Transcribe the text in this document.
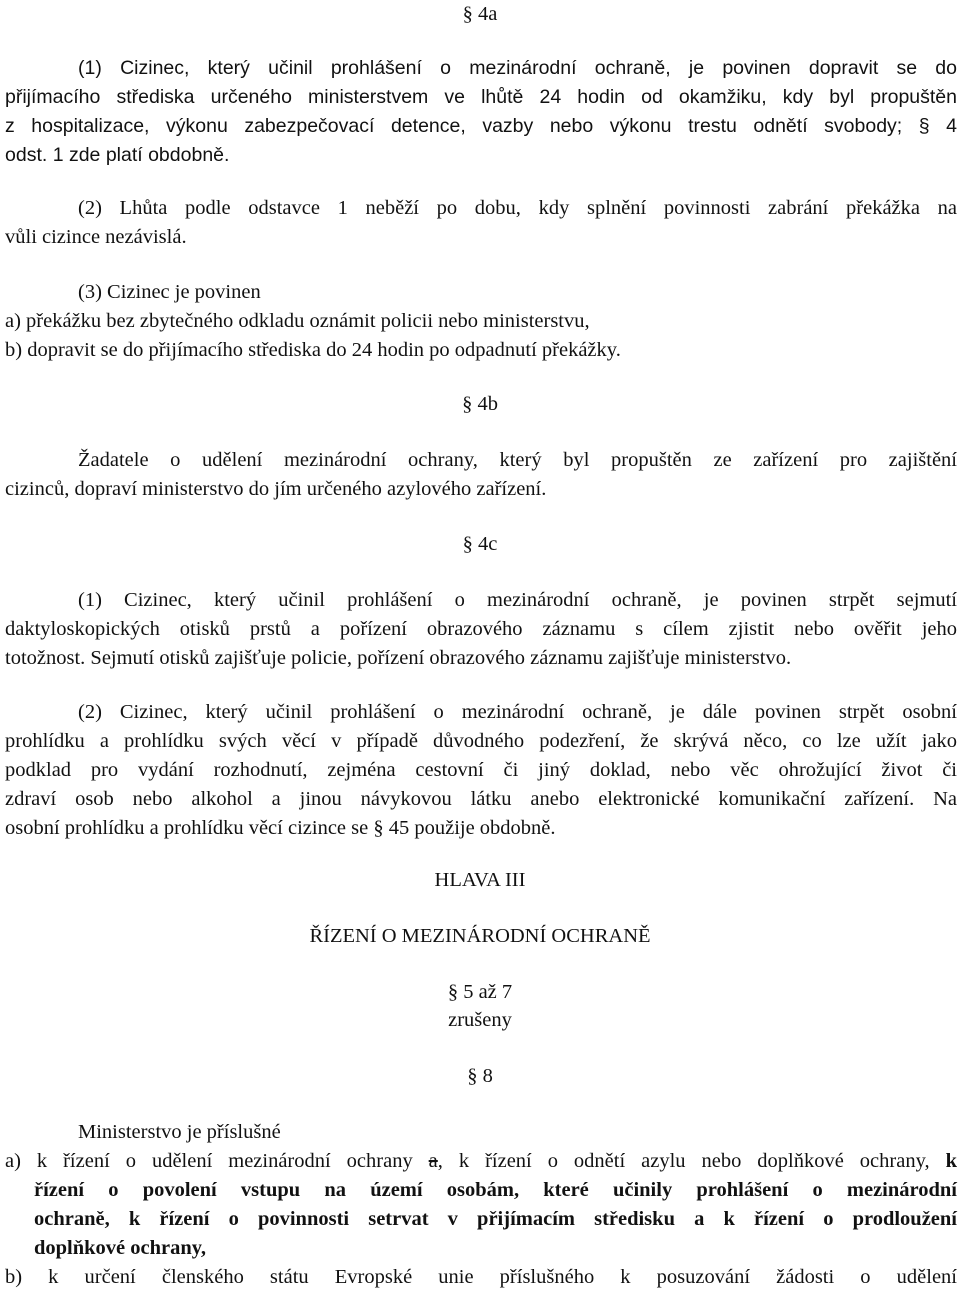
§ 4a

(1) Cizinec, který učinil prohlášení o mezinárodní ochraně, je povinen dopravit se do
přijímacího střediska určeného ministerstvem ve lhůtě 24 hodin od okamžiku, kdy byl propuštěn
z hospitalizace, výkonu zabezpečovací detence, vazby nebo výkonu trestu odnětí svobody; § 4
odst. 1 zde platí obdobně.
(2) Lhůta podle odstavce 1 neběží po dobu, kdy splnění povinnosti zabrání překážka na
vůli cizince nezávislá.
(3) Cizinec je povinen
a) překážku bez zbytečného odkladu oznámit policii nebo ministerstvu,
b) dopravit se do přijímacího střediska do 24 hodin po odpadnutí překážky.

§ 4b

Žadatele o udělení mezinárodní ochrany, který byl propuštěn ze zařízení pro zajištění
cizinců, dopraví ministerstvo do jím určeného azylového zařízení.

§ 4c

(1) Cizinec, který učinil prohlášení o mezinárodní ochraně, je povinen strpět sejmutí
daktyloskopických otisků prstů a pořízení obrazového záznamu s cílem zjistit nebo ověřit jeho
totožnost. Sejmutí otisků zajišťuje policie, pořízení obrazového záznamu zajišťuje ministerstvo.
(2) Cizinec, který učinil prohlášení o mezinárodní ochraně, je dále povinen strpět osobní
prohlídku a prohlídku svých věcí v případě důvodného podezření, že skrývá něco, co lze užít jako
podklad pro vydání rozhodnutí, zejména cestovní či jiný doklad, nebo věc ohrožující život či
zdraví osob nebo alkohol a jinou návykovou látku anebo elektronické komunikační zařízení. Na
osobní prohlídku a prohlídku věcí cizince se § 45 použije obdobně.

HLAVA III

ŘÍZENÍ O MEZINÁRODNÍ OCHRANĚ

§ 5 až 7

zrušeny

§ 8

Ministerstvo je příslušné
a) k řízení o udělení mezinárodní ochrany a, k řízení o odnětí azylu nebo doplňkové ochrany, k
řízení o povolení vstupu na území osobám, které učinily prohlášení o mezinárodní
ochraně, k řízení o povinnosti setrvat v přijímacím středisku a k řízení o prodloužení
doplňkové ochrany,
b) k určení členského státu Evropské unie příslušného k posuzování žádosti o udělení
